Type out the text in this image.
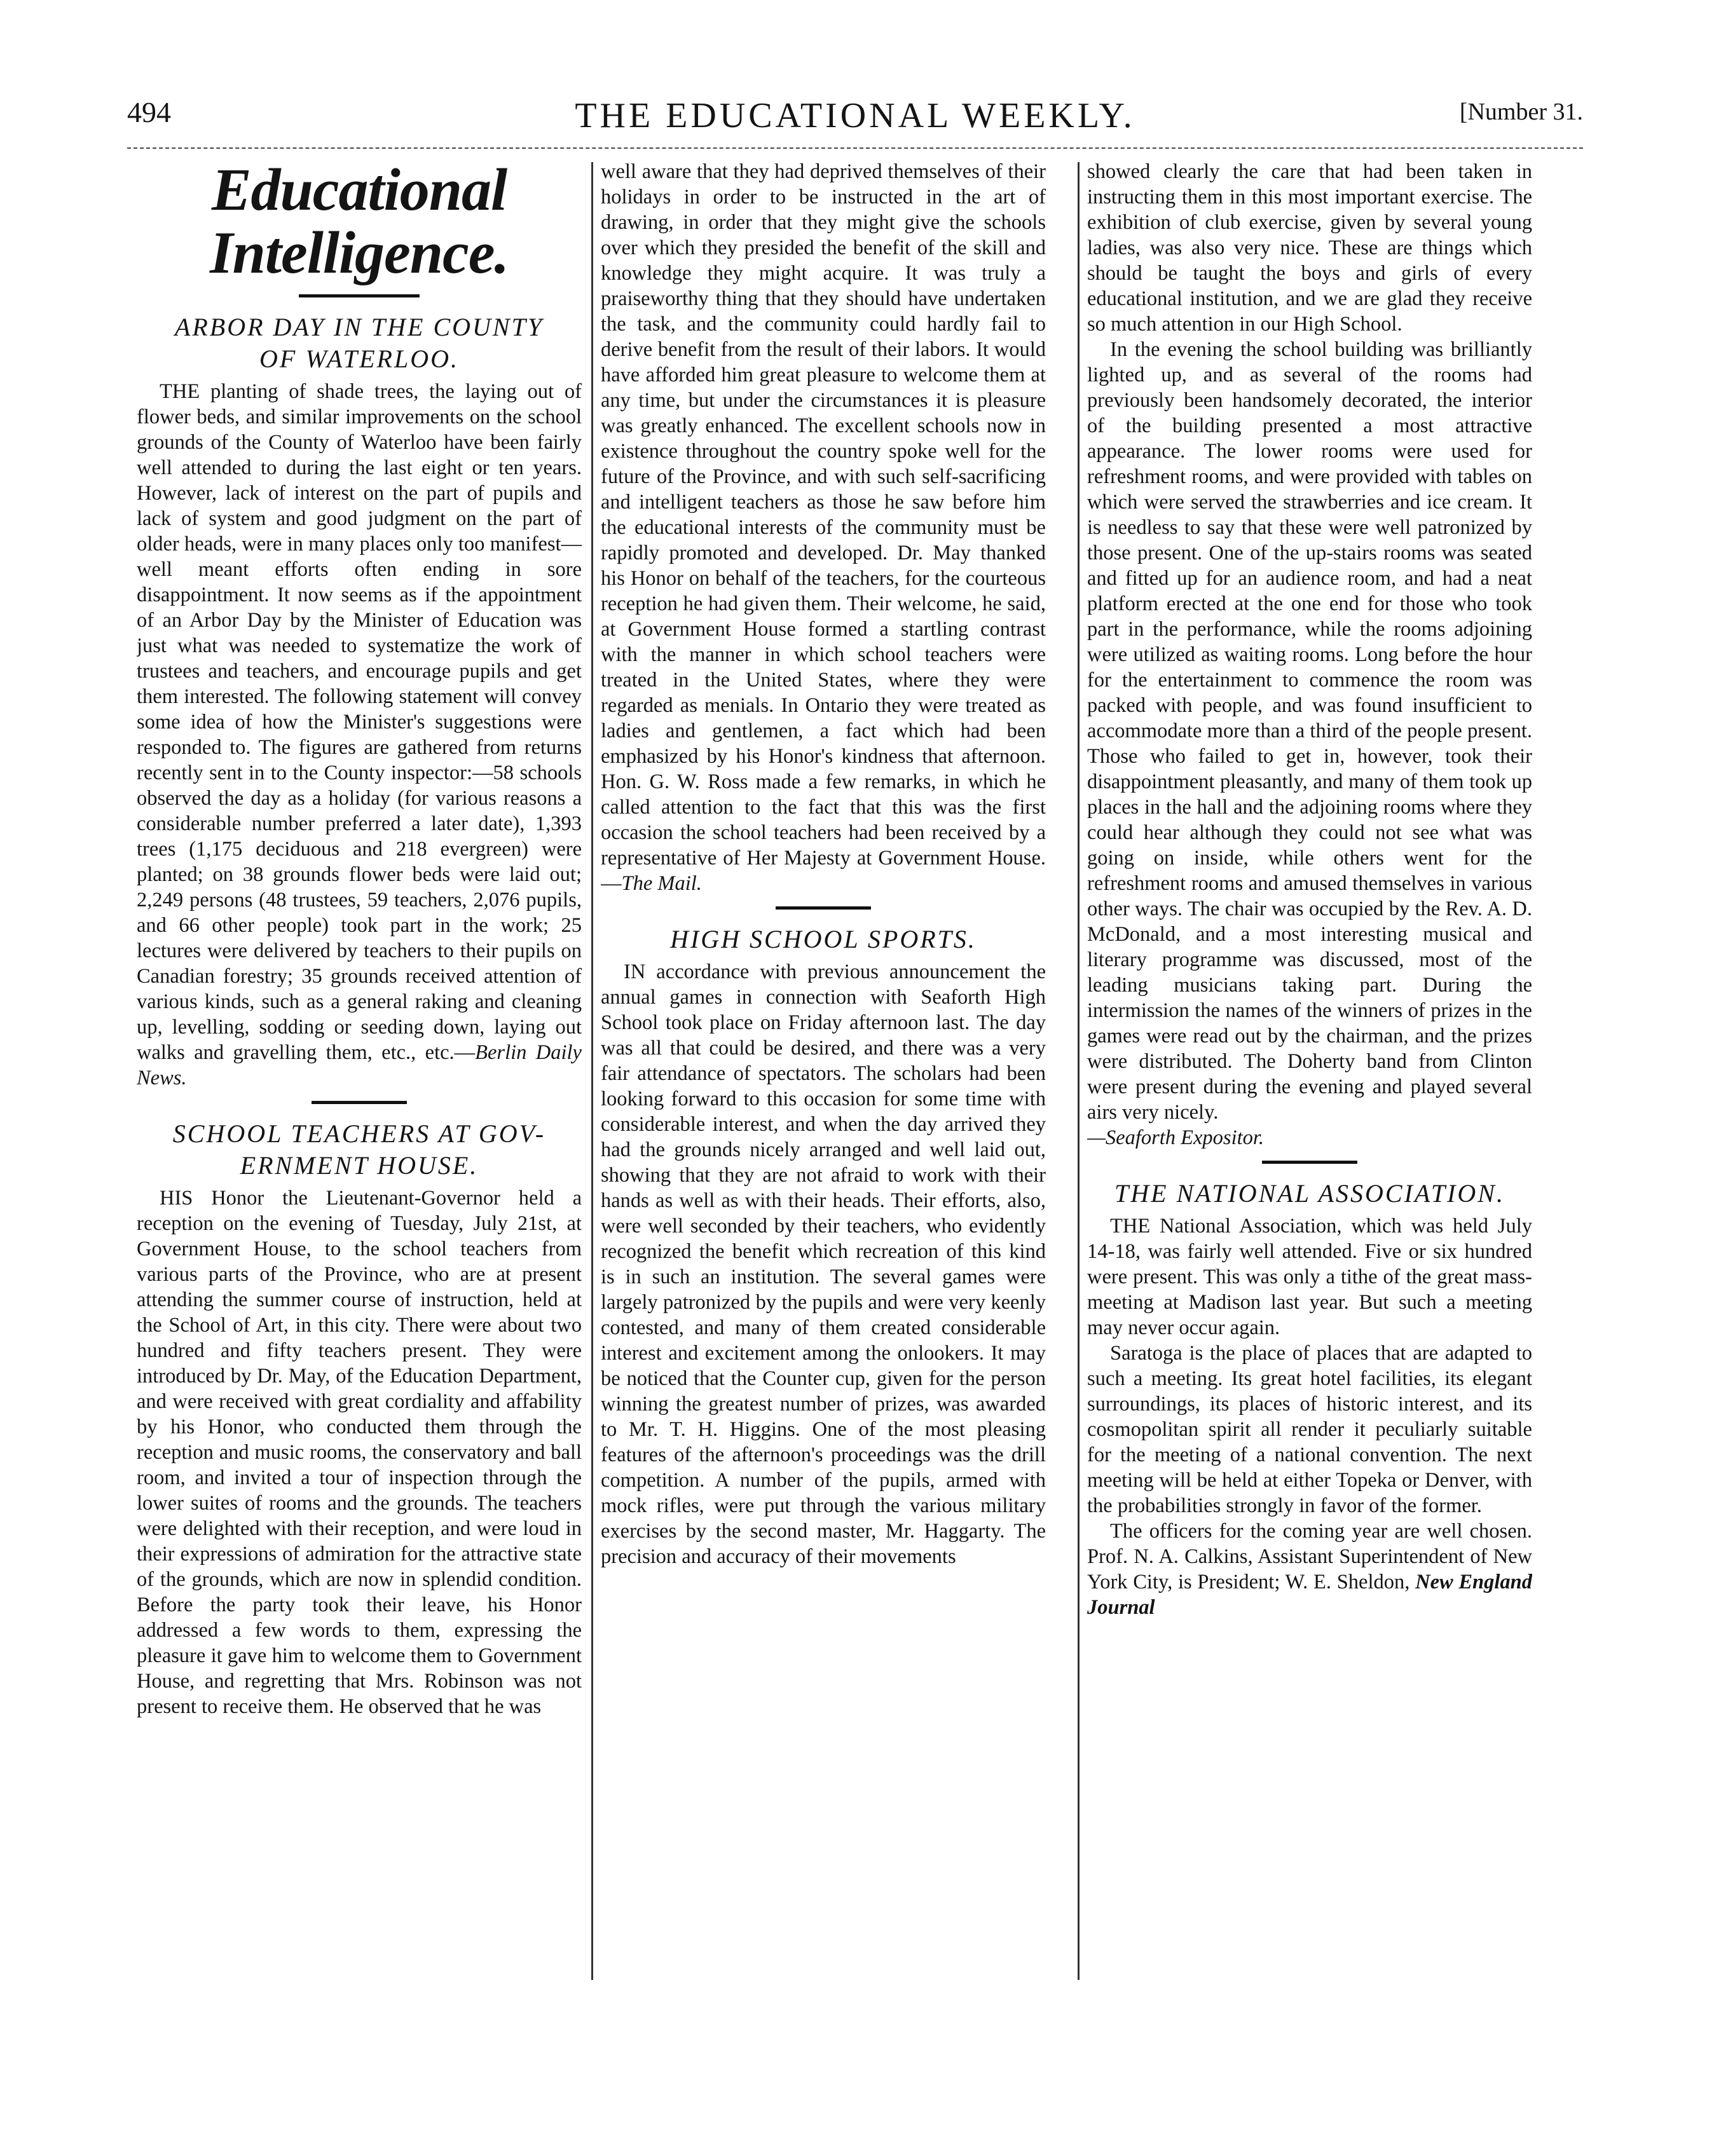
494	THE EDUCATIONAL WEEKLY.	[Number 31.
Educational Intelligence.
ARBOR DAY IN THE COUNTY
OF WATERLOO.

THE planting of shade trees, the laying out of flower beds, and similar improvements on the school grounds of the County of Waterloo have been fairly well attended to during the last eight or ten years. However, lack of interest on the part of pupils and lack of system and good judgment on the part of older heads, were in many places only too manifest—well meant efforts often ending in sore disappointment. It now seems as if the appointment of an Arbor Day by the Minister of Education was just what was needed to systematize the work of trustees and teachers, and encourage pupils and get them interested. The following statement will convey some idea of how the Minister's suggestions were responded to. The figures are gathered from returns recently sent in to the County inspector:—58 schools observed the day as a holiday (for various reasons a considerable number preferred a later date), 1,393 trees (1,175 deciduous and 218 evergreen) were planted; on 38 grounds flower beds were laid out; 2,249 persons (48 trustees, 59 teachers, 2,076 pupils, and 66 other people) took part in the work; 25 lectures were delivered by teachers to their pupils on Canadian forestry; 35 grounds received attention of various kinds, such as a general raking and cleaning up, levelling, sodding or seeding down, laying out walks and gravelling them, etc., etc.—Berlin Daily News.

SCHOOL TEACHERS AT GOV-
ERNMENT HOUSE.

HIS Honor the Lieutenant-Governor held a reception on the evening of Tuesday, July 21st, at Government House, to the school teachers from various parts of the Province, who are at present attending the summer course of instruction, held at the School of Art, in this city. There were about two hundred and fifty teachers present. They were introduced by Dr. May, of the Education Department, and were received with great cordiality and affability by his Honor, who conducted them through the reception and music rooms, the conservatory and ball room, and invited a tour of inspection through the lower suites of rooms and the grounds. The teachers were delighted with their reception, and were loud in their expressions of admiration for the attractive state of the grounds, which are now in splendid condition. Before the party took their leave, his Honor addressed a few words to them, expressing the pleasure it gave him to welcome them to Government House, and regretting that Mrs. Robinson was not present to receive them. He observed that he was

well aware that they had deprived themselves of their holidays in order to be instructed in the art of drawing, in order that they might give the schools over which they presided the benefit of the skill and knowledge they might acquire. It was truly a praiseworthy thing that they should have undertaken the task, and the community could hardly fail to derive benefit from the result of their labors. It would have afforded him great pleasure to welcome them at any time, but under the circumstances it is pleasure was greatly enhanced. The excellent schools now in existence throughout the country spoke well for the future of the Province, and with such self-sacrificing and intelligent teachers as those he saw before him the educational interests of the community must be rapidly promoted and developed. Dr. May thanked his Honor on behalf of the teachers, for the courteous reception he had given them. Their welcome, he said, at Government House formed a startling contrast with the manner in which school teachers were treated in the United States, where they were regarded as menials. In Ontario they were treated as ladies and gentlemen, a fact which had been emphasized by his Honor's kindness that afternoon. Hon. G. W. Ross made a few remarks, in which he called attention to the fact that this was the first occasion the school teachers had been received by a representative of Her Majesty at Government House.—The Mail.

HIGH SCHOOL SPORTS.

IN accordance with previous announcement the annual games in connection with Seaforth High School took place on Friday afternoon last. The day was all that could be desired, and there was a very fair attendance of spectators. The scholars had been looking forward to this occasion for some time with considerable interest, and when the day arrived they had the grounds nicely arranged and well laid out, showing that they are not afraid to work with their hands as well as with their heads. Their efforts, also, were well seconded by their teachers, who evidently recognized the benefit which recreation of this kind is in such an institution. The several games were largely patronized by the pupils and were very keenly contested, and many of them created considerable interest and excitement among the onlookers. It may be noticed that the Counter cup, given for the person winning the greatest number of prizes, was awarded to Mr. T. H. Higgins. One of the most pleasing features of the afternoon's proceedings was the drill competition. A number of the pupils, armed with mock rifles, were put through the various military exercises by the second master, Mr. Haggarty. The precision and accuracy of their movements

showed clearly the care that had been taken in instructing them in this most important exercise. The exhibition of club exercise, given by several young ladies, was also very nice. These are things which should be taught the boys and girls of every educational institution, and we are glad they receive so much attention in our High School.

In the evening the school building was brilliantly lighted up, and as several of the rooms had previously been handsomely decorated, the interior of the building presented a most attractive appearance. The lower rooms were used for refreshment rooms, and were provided with tables on which were served the strawberries and ice cream. It is needless to say that these were well patronized by those present. One of the up-stairs rooms was seated and fitted up for an audience room, and had a neat platform erected at the one end for those who took part in the performance, while the rooms adjoining were utilized as waiting rooms. Long before the hour for the entertainment to commence the room was packed with people, and was found insufficient to accommodate more than a third of the people present. Those who failed to get in, however, took their disappointment pleasantly, and many of them took up places in the hall and the adjoining rooms where they could hear although they could not see what was going on inside, while others went for the refreshment rooms and amused themselves in various other ways. The chair was occupied by the Rev. A. D. McDonald, and a most interesting musical and literary programme was discussed, most of the leading musicians taking part. During the intermission the names of the winners of prizes in the games were read out by the chairman, and the prizes were distributed. The Doherty band from Clinton were present during the evening and played several airs very nicely.
—Seaforth Expositor.

THE NATIONAL ASSOCIATION.

THE National Association, which was held July 14-18, was fairly well attended. Five or six hundred were present. This was only a tithe of the great mass-meeting at Madison last year. But such a meeting may never occur again.

Saratoga is the place of places that are adapted to such a meeting. Its great hotel facilities, its elegant surroundings, its places of historic interest, and its cosmopolitan spirit all render it peculiarly suitable for the meeting of a national convention. The next meeting will be held at either Topeka or Denver, with the probabilities strongly in favor of the former.

The officers for the coming year are well chosen. Prof. N. A. Calkins, Assistant Superintendent of New York City, is President; W. E. Sheldon, New England Journal
